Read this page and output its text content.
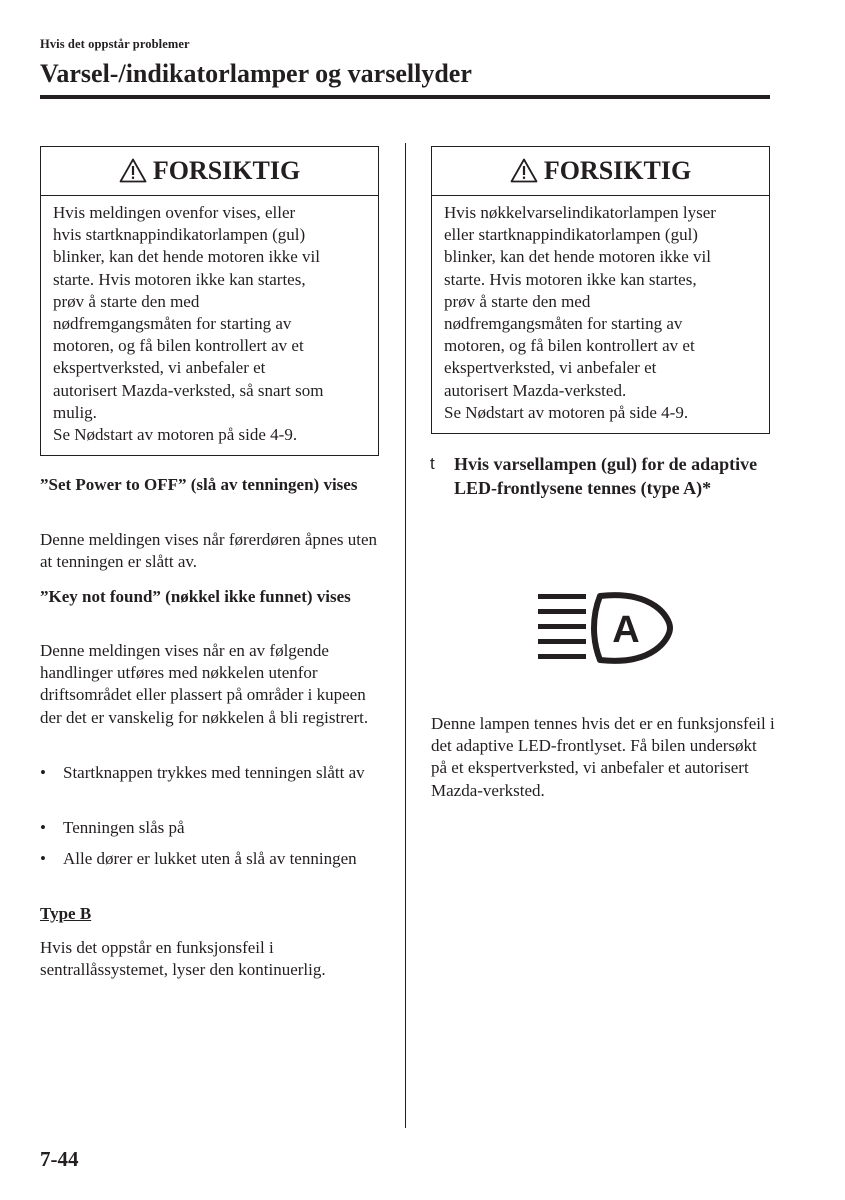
Hvis det oppstår problemer
Varsel-/indikatorlamper og varsellyder
FORSIKTIG
Hvis meldingen ovenfor vises, eller
hvis startknappindikatorlampen (gul)
blinker, kan det hende motoren ikke vil
starte. Hvis motoren ikke kan startes,
prøv å starte den med
nødfremgangsmåten for starting av
motoren, og få bilen kontrollert av et
ekspertverksted, vi anbefaler et
autorisert Mazda-verksted, så snart som
mulig.
Se Nødstart av motoren på side 4-9.
”Set Power to OFF” (slå av tenningen) vises
Denne meldingen vises når førerdøren åpnes uten at tenningen er slått av.
”Key not found” (nøkkel ikke funnet) vises
Denne meldingen vises når en av følgende handlinger utføres med nøkkelen utenfor driftsområdet eller plassert på områder i kupeen der det er vanskelig for nøkkelen å bli registrert.
• Startknappen trykkes med tenningen slått av
• Tenningen slås på
• Alle dører er lukket uten å slå av tenningen
Type B
Hvis det oppstår en funksjonsfeil i sentrallåssystemet, lyser den kontinuerlig.
FORSIKTIG
Hvis nøkkelvarselindikatorlampen lyser
eller startknappindikatorlampen (gul)
blinker, kan det hende motoren ikke vil
starte. Hvis motoren ikke kan startes,
prøv å starte den med
nødfremgangsmåten for starting av
motoren, og få bilen kontrollert av et
ekspertverksted, vi anbefaler et
autorisert Mazda-verksted.
Se Nødstart av motoren på side 4-9.
t Hvis varsellampen (gul) for de adaptive LED-frontlysene tennes (type A)*
A
Denne lampen tennes hvis det er en funksjonsfeil i det adaptive LED-frontlyset. Få bilen undersøkt på et ekspertverksted, vi anbefaler et autorisert Mazda-verksted.
7-44
